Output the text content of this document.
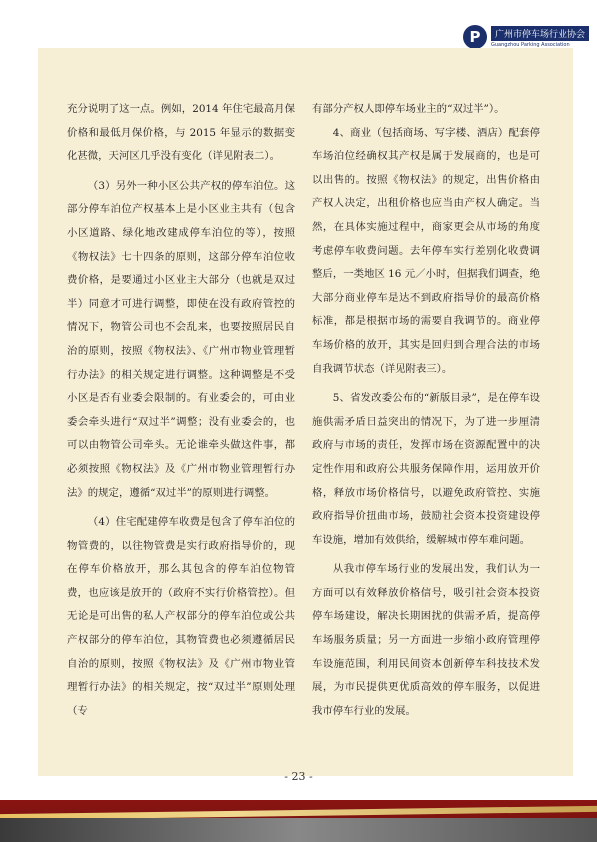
P	广州市停车场行业协会
Guangzhou Parking Association

充分说明了这一点。例如，2014 年住宅最高月保价格和最低月保价格，与 2015 年显示的数据变化甚微，天河区几乎没有变化（详见附表二）。

（3）另外一种小区公共产权的停车泊位。这部分停车泊位产权基本上是小区业主共有（包含小区道路、绿化地改建成停车泊位的等），按照《物权法》七十四条的原则，这部分停车泊位收费价格，是要通过小区业主大部分（也就是双过半）同意才可进行调整，即使在没有政府管控的情况下，物管公司也不会乱来，也要按照居民自治的原则，按照《物权法》、《广州市物业管理暂行办法》的相关规定进行调整。这种调整是不受小区是否有业委会限制的。有业委会的，可由业委会牵头进行“双过半”调整；没有业委会的，也可以由物管公司牵头。无论谁牵头做这件事，都必须按照《物权法》及《广州市物业管理暂行办法》的规定，遵循“双过半”的原则进行调整。

（4）住宅配建停车收费是包含了停车泊位的物管费的，以往物管费是实行政府指导价的，现在停车价格放开，那么其包含的停车泊位物管费，也应该是放开的（政府不实行价格管控）。但无论是可出售的私人产权部分的停车泊位或公共产权部分的停车泊位，其物管费也必须遵循居民自治的原则，按照《物权法》及《广州市物业管理暂行办法》的相关规定，按“双过半”原则处理（专

有部分产权人即停车场业主的“双过半”）。

4、商业（包括商场、写字楼、酒店）配套停车场泊位经确权其产权是属于发展商的，也是可以出售的。按照《物权法》的规定，出售价格由产权人决定，出租价格也应当由产权人确定。当然，在具体实施过程中，商家更会从市场的角度考虑停车收费问题。去年停车实行差别化收费调整后，一类地区 16 元／小时，但据我们调查，绝大部分商业停车是达不到政府指导价的最高价格标准，都是根据市场的需要自我调节的。商业停车场价格的放开，其实是回归到合理合法的市场自我调节状态（详见附表三）。

5、省发改委公布的“新版目录”，是在停车设施供需矛盾日益突出的情况下，为了进一步厘清政府与市场的责任，发挥市场在资源配置中的决定性作用和政府公共服务保障作用，运用放开价格，释放市场价格信号，以避免政府管控、实施政府指导价扭曲市场，鼓励社会资本投资建设停车设施，增加有效供给，缓解城市停车难问题。

从我市停车场行业的发展出发，我们认为一方面可以有效释放价格信号，吸引社会资本投资停车场建设，解决长期困扰的供需矛盾，提高停车场服务质量；另一方面进一步缩小政府管理停车设施范围，利用民间资本创新停车科技技术发展，为市民提供更优质高效的停车服务，以促进我市停车行业的发展。

- 23 -
